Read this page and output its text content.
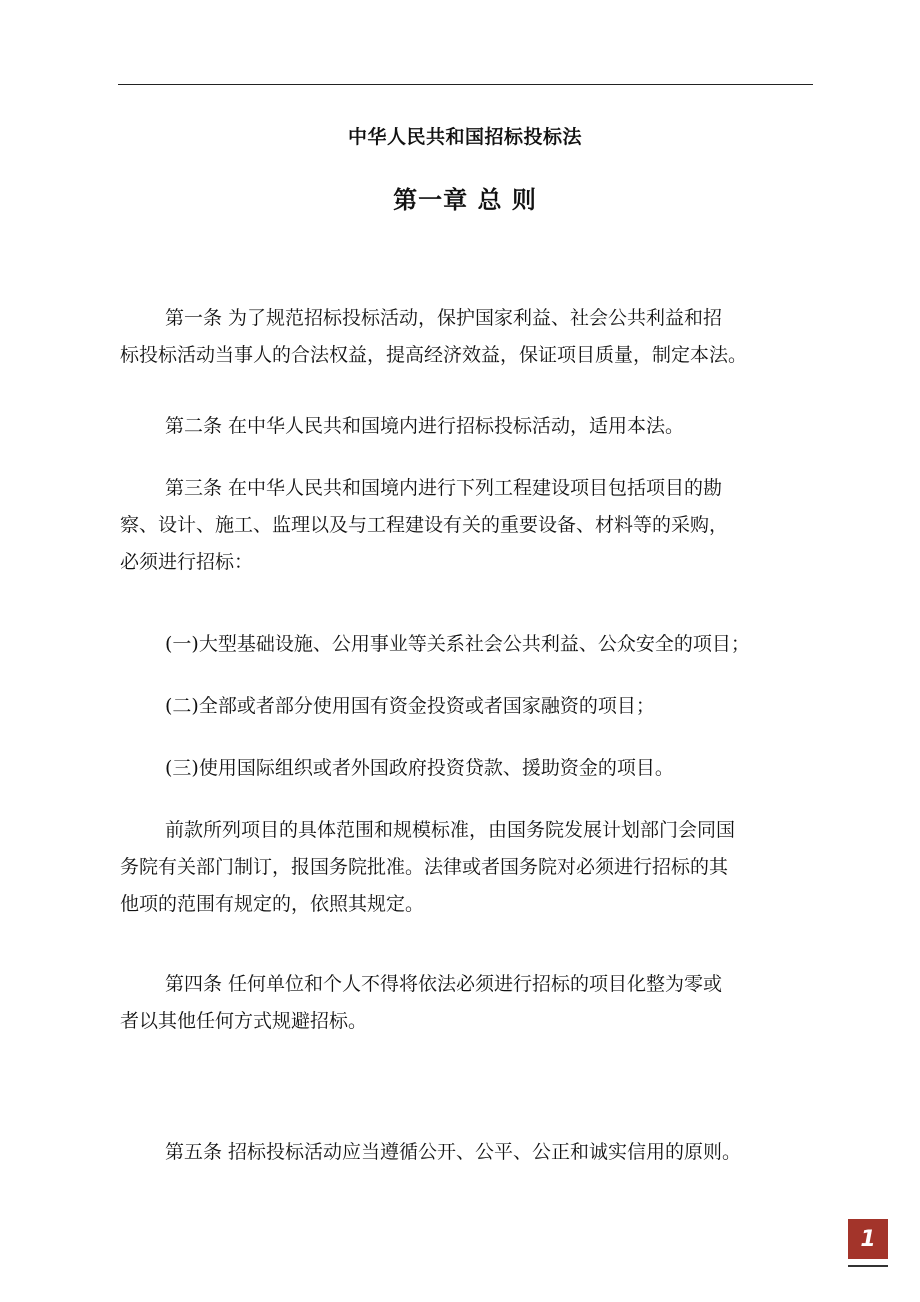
中华人民共和国招标投标法
第一章 总 则

第一条 为了规范招标投标活动，保护国家利益、社会公共利益和招
标投标活动当事人的合法权益，提高经济效益，保证项目质量，制定本法。

第二条 在中华人民共和国境内进行招标投标活动，适用本法。

第三条 在中华人民共和国境内进行下列工程建设项目包括项目的勘
察、设计、施工、监理以及与工程建设有关的重要设备、材料等的采购，
必须进行招标：

(一)大型基础设施、公用事业等关系社会公共利益、公众安全的项目；

(二)全部或者部分使用国有资金投资或者国家融资的项目；

(三)使用国际组织或者外国政府投资贷款、援助资金的项目。

前款所列项目的具体范围和规模标准，由国务院发展计划部门会同国
务院有关部门制订，报国务院批准。法律或者国务院对必须进行招标的其
他项的范围有规定的，依照其规定。

第四条 任何单位和个人不得将依法必须进行招标的项目化整为零或
者以其他任何方式规避招标。

第五条 招标投标活动应当遵循公开、公平、公正和诚实信用的原则。

1
